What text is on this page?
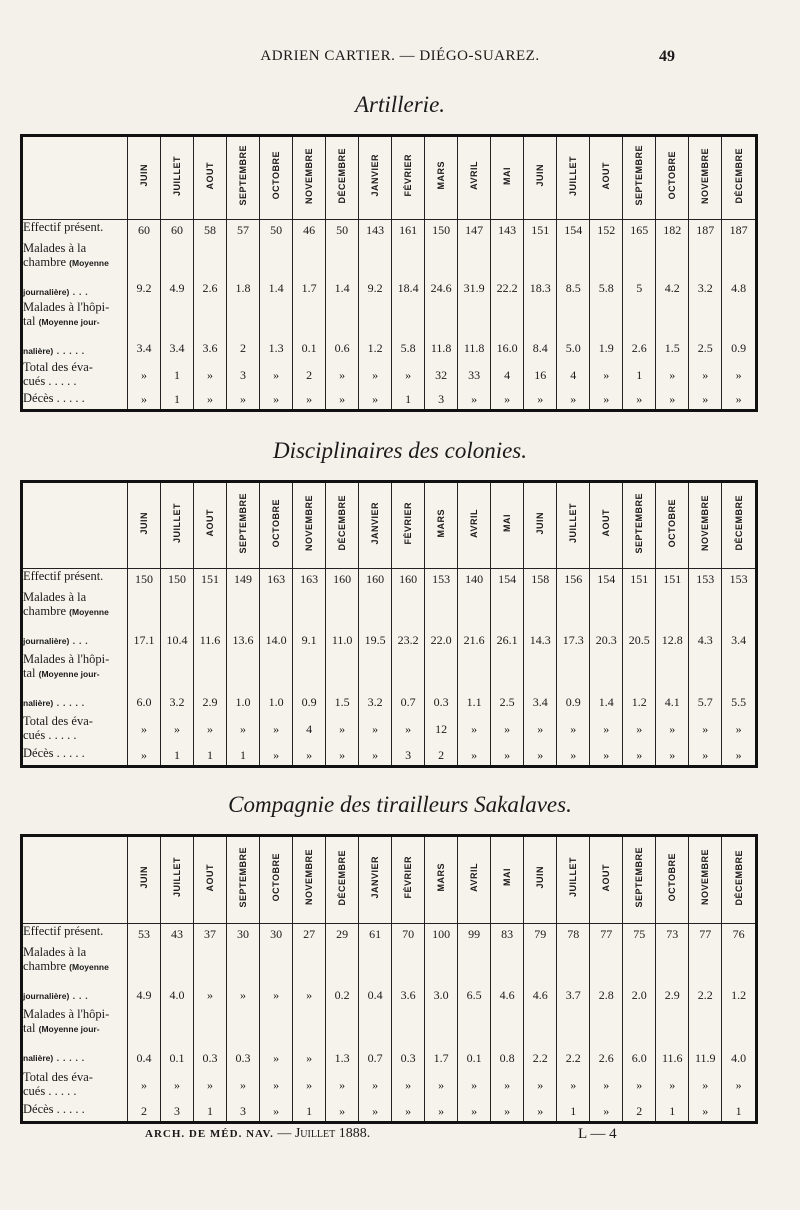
ADRIEN CARTIER. — DIÉGO-SUAREZ.	49
Artillerie.
	JUIN	JUILLET	AOUT	SEPTEMBRE	OCTOBRE	NOVEMBRE	DÉCEMBRE	JANVIER	FÉVRIER	MARS	AVRIL	MAI	JUIN	JUILLET	AOUT	SEPTEMBRE	OCTOBRE	NOVEMBRE	DÉCEMBRE
Effectif présent.	60	60	58	57	50	46	50	143	161	150	147	143	151	154	152	165	182	187	187
Malades à la
chambre (Moyenne

journalière) . . .	9.2	4.9	2.6	1.8	1.4	1.7	1.4	9.2	18.4	24.6	31.9	22.2	18.3	8.5	5.8	5	4.2	3.2	4.8
Malades à l'hôpi-
tal (Moyenne jour-

nalière) . . . . .	3.4	3.4	3.6	2	1.3	0.1	0.6	1.2	5.8	11.8	11.8	16.0	8.4	5.0	1.9	2.6	1.5	2.5	0.9
Total des éva-
cués . . . . .	»	1	»	3	»	2	»	»	»	32	33	4	16	4	»	1	»	»	»
Décès . . . . .	»	1	»	»	»	»	»	»	1	3	»	»	»	»	»	»	»	»	»
Disciplinaires des colonies.
	JUIN	JUILLET	AOUT	SEPTEMBRE	OCTOBRE	NOVEMBRE	DÉCEMBRE	JANVIER	FÉVRIER	MARS	AVRIL	MAI	JUIN	JUILLET	AOUT	SEPTEMBRE	OCTOBRE	NOVEMBRE	DÉCEMBRE
Effectif présent.	150	150	151	149	163	163	160	160	160	153	140	154	158	156	154	151	151	153	153
Malades à la
chambre (Moyenne

journalière) . . .	17.1	10.4	11.6	13.6	14.0	9.1	11.0	19.5	23.2	22.0	21.6	26.1	14.3	17.3	20.3	20.5	12.8	4.3	3.4
Malades à l'hôpi-
tal (Moyenne jour-

nalière) . . . . .	6.0	3.2	2.9	1.0	1.0	0.9	1.5	3.2	0.7	0.3	1.1	2.5	3.4	0.9	1.4	1.2	4.1	5.7	5.5
Total des éva-
cués . . . . .	»	»	»	»	»	4	»	»	»	12	»	»	»	»	»	»	»	»	»
Décès . . . . .	»	1	1	1	»	»	»	»	3	2	»	»	»	»	»	»	»	»	»
Compagnie des tirailleurs Sakalaves.
	JUIN	JUILLET	AOUT	SEPTEMBRE	OCTOBRE	NOVEMBRE	DÉCEMBRE	JANVIER	FÉVRIER	MARS	AVRIL	MAI	JUIN	JUILLET	AOUT	SEPTEMBRE	OCTOBRE	NOVEMBRE	DÉCEMBRE
Effectif présent.	53	43	37	30	30	27	29	61	70	100	99	83	79	78	77	75	73	77	76
Malades à la
chambre (Moyenne

journalière) . . .	4.9	4.0	»	»	»	»	0.2	0.4	3.6	3.0	6.5	4.6	4.6	3.7	2.8	2.0	2.9	2.2	1.2
Malades à l'hôpi-
tal (Moyenne jour-

nalière) . . . . .	0.4	0.1	0.3	0.3	»	»	1.3	0.7	0.3	1.7	0.1	0.8	2.2	2.2	2.6	6.0	11.6	11.9	4.0
Total des éva-
cués . . . . .	»	»	»	»	»	»	»	»	»	»	»	»	»	»	»	»	»	»	»
Décès . . . . .	2	3	1	3	»	1	»	»	»	»	»	»	»	1	»	2	1	»	1
ARCH. DE MÉD. NAV. — Juillet 1888.	L — 4
